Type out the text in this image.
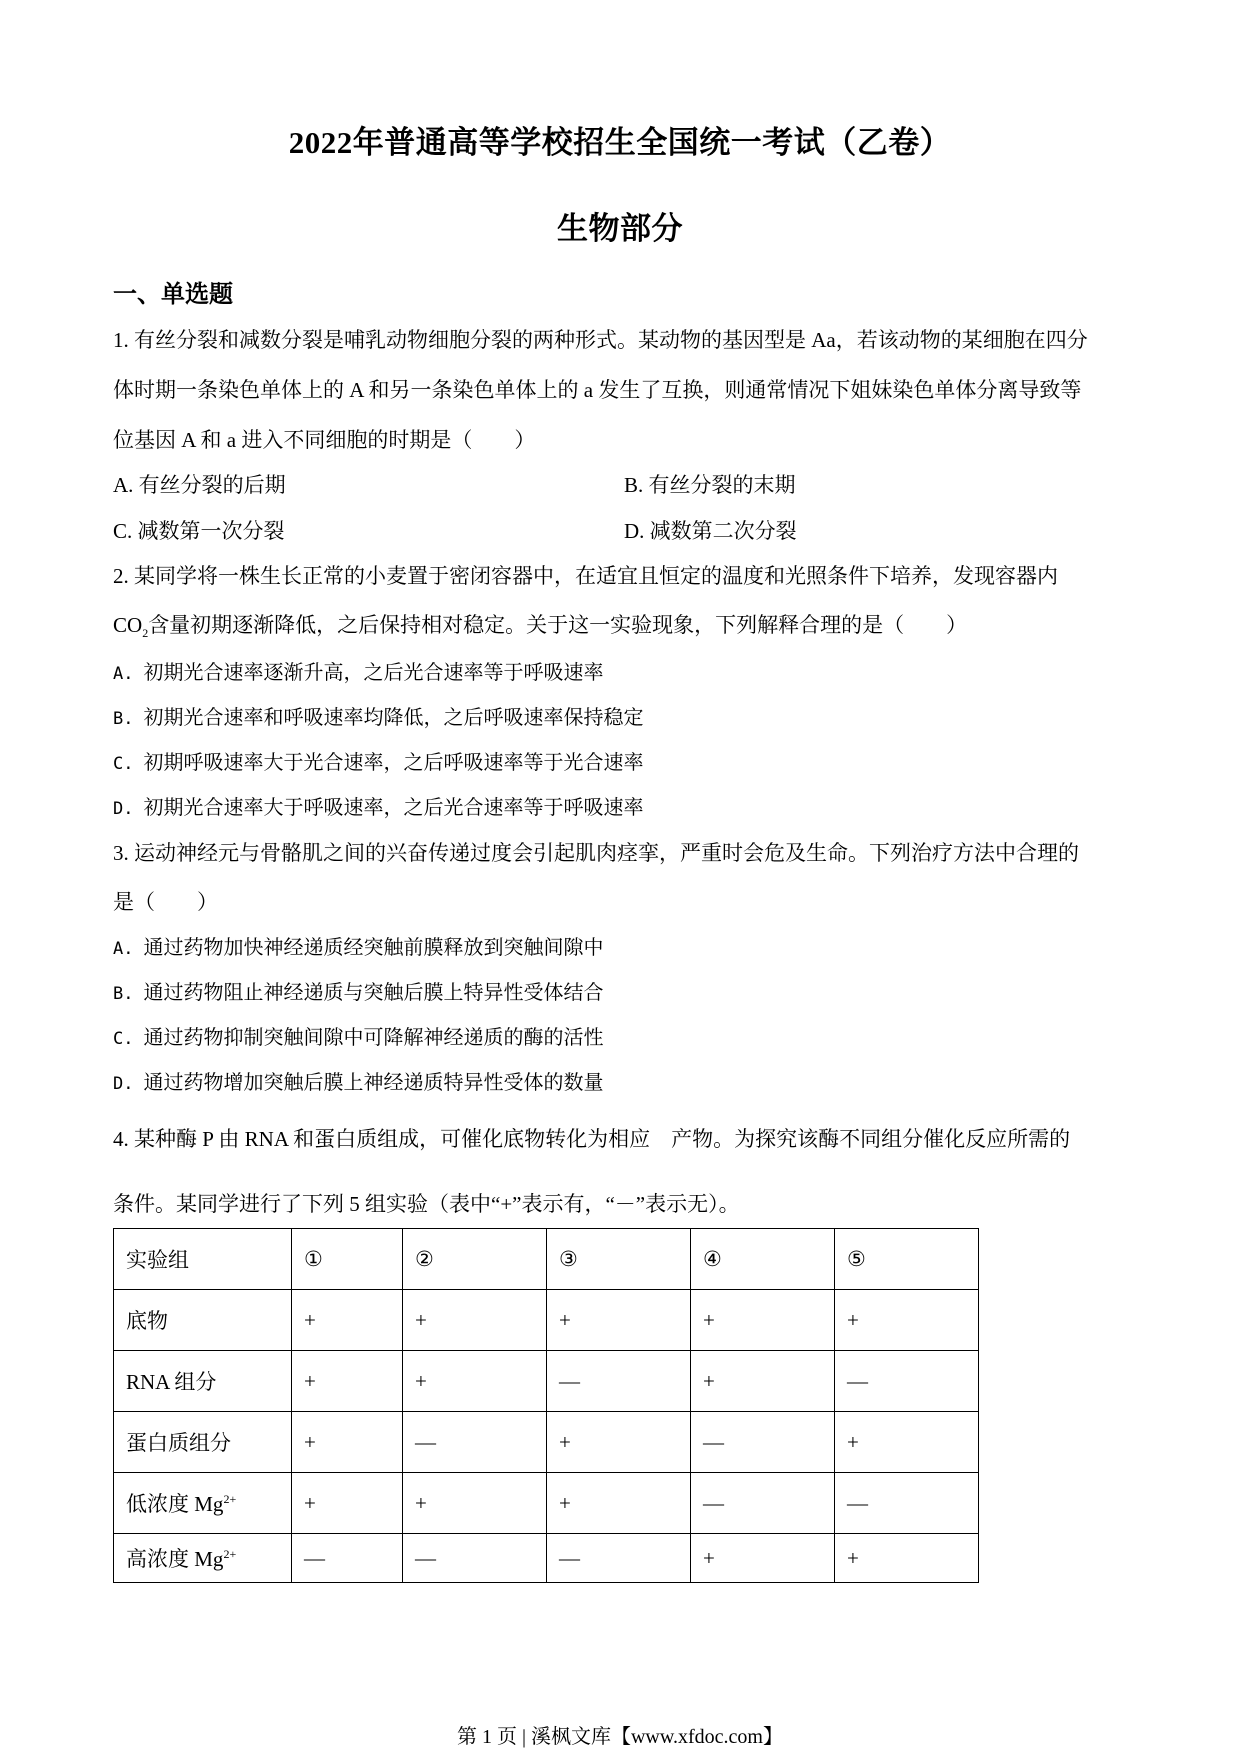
2022年普通高等学校招生全国统一考试（乙卷）
生物部分
一、单选题
1. 有丝分裂和减数分裂是哺乳动物细胞分裂的两种形式。某动物的基因型是 Aa，若该动物的某细胞在四分
体时期一条染色单体上的 A 和另一条染色单体上的 a 发生了互换，则通常情况下姐妹染色单体分离导致等
位基因 A 和 a 进入不同细胞的时期是（　　）
A. 有丝分裂的后期	B. 有丝分裂的末期
C. 减数第一次分裂	D. 减数第二次分裂
2. 某同学将一株生长正常的小麦置于密闭容器中，在适宜且恒定的温度和光照条件下培养，发现容器内
$CO_2$含量初期逐渐降低，之后保持相对稳定。关于这一实验现象，下列解释合理的是（　　）
A. 初期光合速率逐渐升高，之后光合速率等于呼吸速率
B. 初期光合速率和呼吸速率均降低，之后呼吸速率保持稳定
C. 初期呼吸速率大于光合速率，之后呼吸速率等于光合速率
D. 初期光合速率大于呼吸速率，之后光合速率等于呼吸速率
3. 运动神经元与骨骼肌之间的兴奋传递过度会引起肌肉痉挛，严重时会危及生命。下列治疗方法中合理的
是（　　）
A. 通过药物加快神经递质经突触前膜释放到突触间隙中
B. 通过药物阻止神经递质与突触后膜上特异性受体结合
C. 通过药物抑制突触间隙中可降解神经递质的酶的活性
D. 通过药物增加突触后膜上神经递质特异性受体的数量
4. 某种酶 P 由 RNA 和蛋白质组成，可催化底物转化为相应　产物。为探究该酶不同组分催化反应所需的
条件。某同学进行了下列 5 组实验（表中“+”表示有，“－”表示无）。
实验组	①	②	③	④	⑤
底物	+	+	+	+	+
RNA 组分	+	+	—	+	—
蛋白质组分	+	—	+	—	+
低浓度 $Mg^{2+}$	+	+	+	—	—
高浓度 $Mg^{2+}$	—	—	—	+	+
第 1 页 | 溪枫文库【www.xfdoc.com】
